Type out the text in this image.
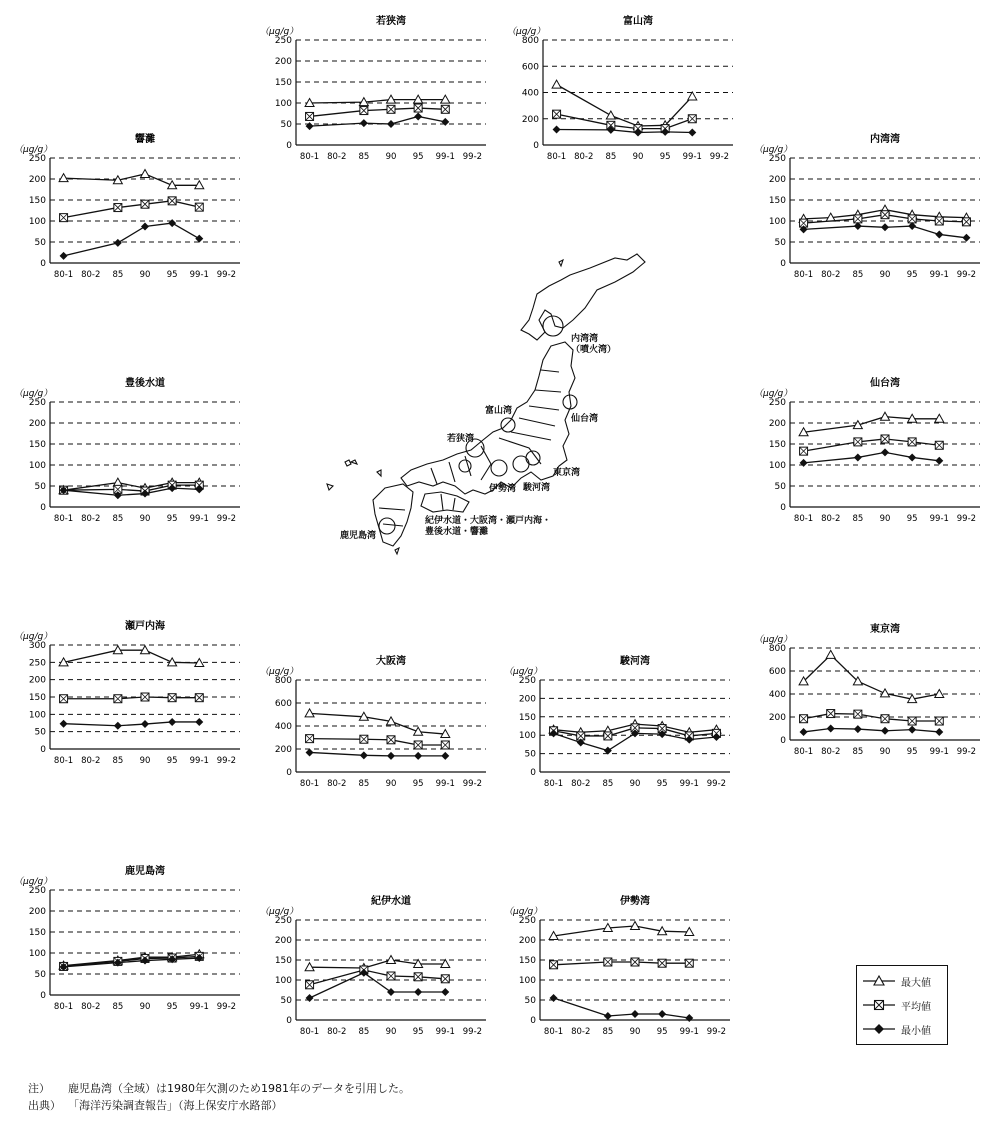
若狭湾
（μg/g）
0
50
100
150
200
250
80-1 80-2 85 90 95 99-1 99-2
富山湾
（μg/g）
0
200
400
600
800
80-1 80-2 85 90 95 99-1 99-2
響灘
（μg/g）
0
50
100
150
200
250
80-1 80-2 85 90 95 99-1 99-2
内湾湾
（μg/g）
0
50
100
150
200
250
80-1 80-2 85 90 95 99-1 99-2
豊後水道
（μg/g）
0
50
100
150
200
250
80-1 80-2 85 90 95 99-1 99-2
仙台湾
（μg/g）
0
50
100
150
200
250
80-1 80-2 85 90 95 99-1 99-2
瀬戸内海
（μg/g）
0
50
100
150
200
250
300
80-1 80-2 85 90 95 99-1 99-2
大阪湾
（μg/g）
0
200
400
600
800
80-1 80-2 85 90 95 99-1 99-2
駿河湾
（μg/g）
0
50
100
150
200
250
80-1 80-2 85 90 95 99-1 99-2
東京湾
（μg/g）
0
200
400
600
800
80-1 80-2 85 90 95 99-1 99-2
鹿児島湾
（μg/g）
0
50
100
150
200
250
80-1 80-2 85 90 95 99-1 99-2
紀伊水道
（μg/g）
0
50
100
150
200
250
80-1 80-2 85 90 95 99-1 99-2
伊勢湾
（μg/g）
0
50
100
150
200
250
80-1 80-2 85 90 95 99-1 99-2
内湾湾
（噴火湾）
富山湾
仙台湾
若狭湾
東京湾
伊勢湾 駿河湾
紀伊水道・大阪湾・瀬戸内海・
豊後水道・響灘
鹿児島湾
最大値
平均値
最小値
注） 鹿児島湾（全域）は1980年欠測のため1981年のデータを引用した。
出典） 「海洋汚染調査報告」（海上保安庁水路部）
